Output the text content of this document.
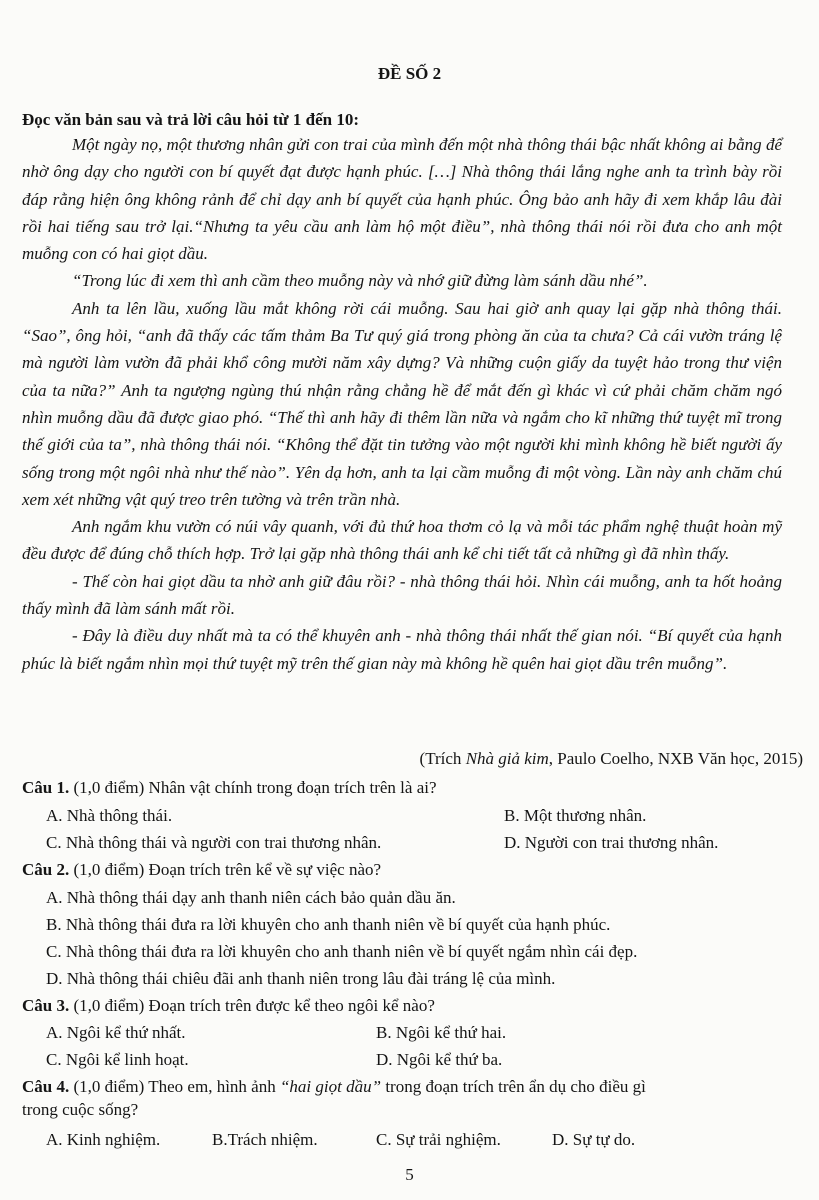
ĐỀ SỐ 2
Đọc văn bản sau và trả lời câu hỏi từ 1 đến 10:

Một ngày nọ, một thương nhân gửi con trai của mình đến một nhà thông thái bậc nhất không ai bằng để nhờ ông dạy cho người con bí quyết đạt được hạnh phúc. […] Nhà thông thái lắng nghe anh ta trình bày rồi đáp rằng hiện ông không rảnh để chỉ dạy anh bí quyết của hạnh phúc. Ông bảo anh hãy đi xem khắp lâu đài rồi hai tiếng sau trở lại.“Nhưng ta yêu cầu anh làm hộ một điều”, nhà thông thái nói rồi đưa cho anh một muỗng con có hai giọt dầu.

“Trong lúc đi xem thì anh cầm theo muỗng này và nhớ giữ đừng làm sánh dầu nhé”.

Anh ta lên lầu, xuống lầu mắt không rời cái muỗng. Sau hai giờ anh quay lại gặp nhà thông thái. “Sao”, ông hỏi, “anh đã thấy các tấm thảm Ba Tư quý giá trong phòng ăn của ta chưa? Cả cái vườn tráng lệ mà người làm vườn đã phải khổ công mười năm xây dựng? Và những cuộn giấy da tuyệt hảo trong thư viện của ta nữa?” Anh ta ngượng ngùng thú nhận rằng chẳng hề để mắt đến gì khác vì cứ phải chăm chăm ngó nhìn muỗng dầu đã được giao phó. “Thế thì anh hãy đi thêm lần nữa và ngắm cho kĩ những thứ tuyệt mĩ trong thế giới của ta”, nhà thông thái nói. “Không thể đặt tin tưởng vào một người khi mình không hề biết người ấy sống trong một ngôi nhà như thế nào”. Yên dạ hơn, anh ta lại cầm muỗng đi một vòng. Lần này anh chăm chú xem xét những vật quý treo trên tường và trên trần nhà.

Anh ngắm khu vườn có núi vây quanh, với đủ thứ hoa thơm cỏ lạ và mỗi tác phẩm nghệ thuật hoàn mỹ đều được để đúng chỗ thích hợp. Trở lại gặp nhà thông thái anh kể chi tiết tất cả những gì đã nhìn thấy.

- Thế còn hai giọt dầu ta nhờ anh giữ đâu rồi? - nhà thông thái hỏi. Nhìn cái muỗng, anh ta hốt hoảng thấy mình đã làm sánh mất rồi.

- Đây là điều duy nhất mà ta có thể khuyên anh - nhà thông thái nhất thế gian nói. “Bí quyết của hạnh phúc là biết ngắm nhìn mọi thứ tuyệt mỹ trên thế gian này mà không hề quên hai giọt dầu trên muỗng”.

(Trích Nhà giả kim, Paulo Coelho, NXB Văn học, 2015)
Câu 1. (1,0 điểm) Nhân vật chính trong đoạn trích trên là ai?
A. Nhà thông thái.	B. Một thương nhân.
C. Nhà thông thái và người con trai thương nhân.	D. Người con trai thương nhân.
Câu 2. (1,0 điểm) Đoạn trích trên kể về sự việc nào?
A. Nhà thông thái dạy anh thanh niên cách bảo quản dầu ăn.
B. Nhà thông thái đưa ra lời khuyên cho anh thanh niên về bí quyết của hạnh phúc.
C. Nhà thông thái đưa ra lời khuyên cho anh thanh niên về bí quyết ngắm nhìn cái đẹp.
D. Nhà thông thái chiêu đãi anh thanh niên trong lâu đài tráng lệ của mình.
Câu 3. (1,0 điểm) Đoạn trích trên được kể theo ngôi kể nào?
A. Ngôi kể thứ nhất.	B. Ngôi kể thứ hai.
C. Ngôi kể linh hoạt.	D. Ngôi kể thứ ba.
Câu 4. (1,0 điểm) Theo em, hình ảnh “hai giọt dầu” trong đoạn trích trên ẩn dụ cho điều gì
trong cuộc sống?
A. Kinh nghiệm.	B.Trách nhiệm.	C. Sự trải nghiệm.	D. Sự tự do.
5
